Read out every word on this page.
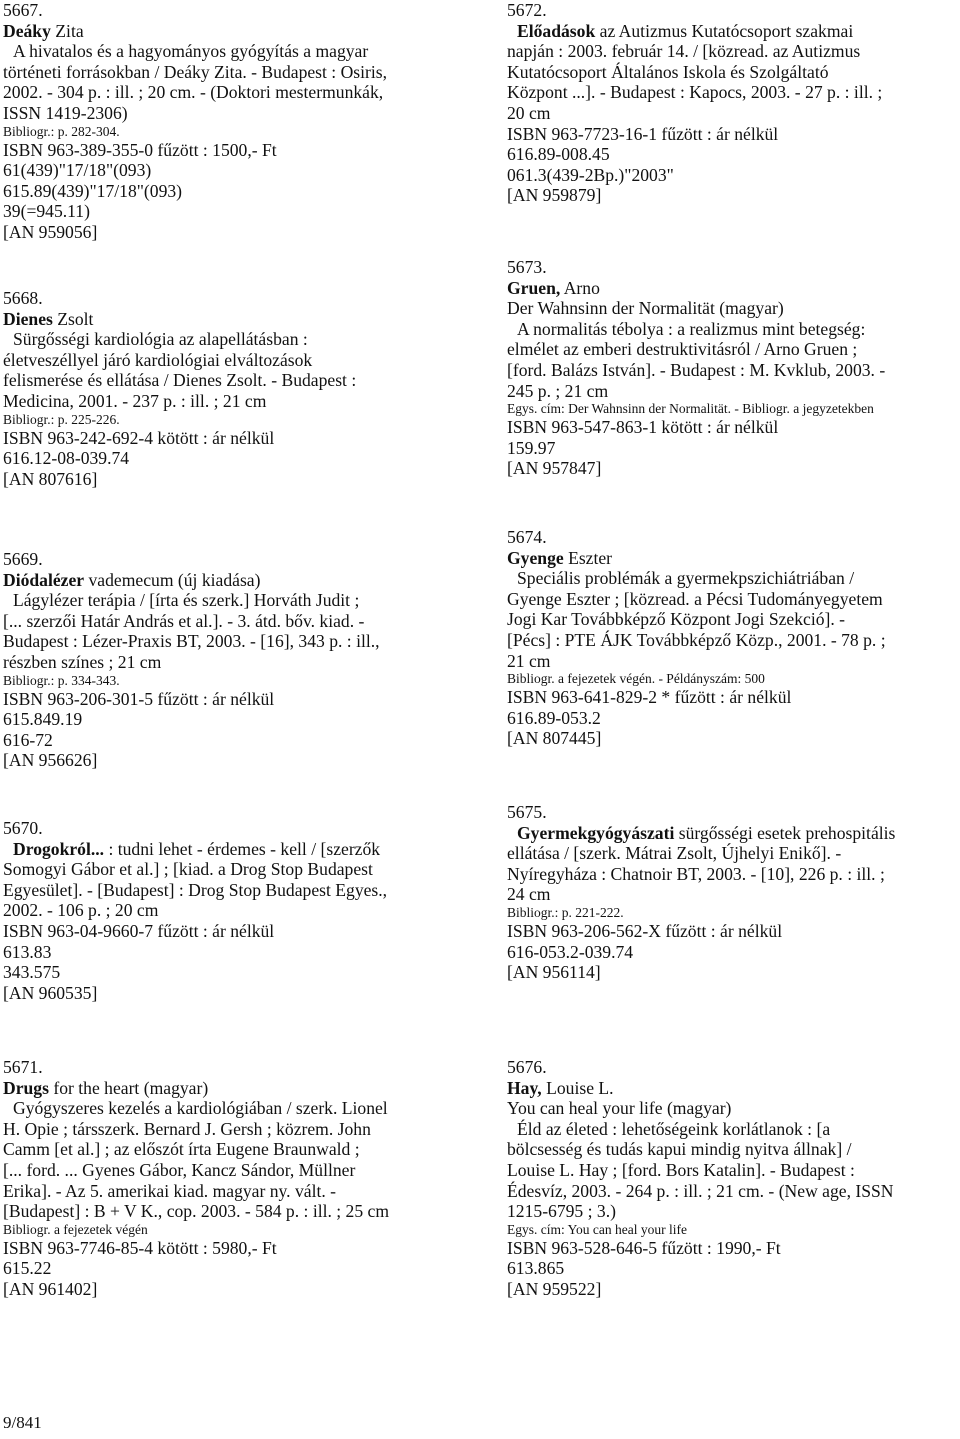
5667.
Deáky Zita
A hivatalos és a hagyományos gyógyítás a magyar
történeti forrásokban / Deáky Zita. - Budapest : Osiris,
2002. - 304 p. : ill. ; 20 cm. - (Doktori mestermunkák,
ISSN 1419-2306)
Bibliogr.: p. 282-304.
ISBN 963-389-355-0 fűzött : 1500,- Ft
61(439)"17/18"(093)
615.89(439)"17/18"(093)
39(=945.11)
[AN 959056]
5668.
Dienes Zsolt
Sürgősségi kardiológia az alapellátásban :
életveszéllyel járó kardiológiai elváltozások
felismerése és ellátása / Dienes Zsolt. - Budapest :
Medicina, 2001. - 237 p. : ill. ; 21 cm
Bibliogr.: p. 225-226.
ISBN 963-242-692-4 kötött : ár nélkül
616.12-08-039.74
[AN 807616]
5669.
Diódalézer vademecum (új kiadása)
Lágylézer terápia / [írta és szerk.] Horváth Judit ;
[... szerzői Határ András et al.]. - 3. átd. bőv. kiad. -
Budapest : Lézer-Praxis BT, 2003. - [16], 343 p. : ill.,
részben színes ; 21 cm
Bibliogr.: p. 334-343.
ISBN 963-206-301-5 fűzött : ár nélkül
615.849.19
616-72
[AN 956626]
5670.
Drogokról... : tudni lehet - érdemes - kell / [szerzők
Somogyi Gábor et al.] ; [kiad. a Drog Stop Budapest
Egyesület]. - [Budapest] : Drog Stop Budapest Egyes.,
2002. - 106 p. ; 20 cm
ISBN 963-04-9660-7 fűzött : ár nélkül
613.83
343.575
[AN 960535]
5671.
Drugs for the heart (magyar)
Gyógyszeres kezelés a kardiológiában / szerk. Lionel
H. Opie ; társszerk. Bernard J. Gersh ; közrem. John
Camm [et al.] ; az előszót írta Eugene Braunwald ;
[... ford. ... Gyenes Gábor, Kancz Sándor, Müllner
Erika]. - Az 5. amerikai kiad. magyar ny. vált. -
[Budapest] : B + V K., cop. 2003. - 584 p. : ill. ; 25 cm
Bibliogr. a fejezetek végén
ISBN 963-7746-85-4 kötött : 5980,- Ft
615.22
[AN 961402]
5672.
Előadások az Autizmus Kutatócsoport szakmai
napján : 2003. február 14. / [közread. az Autizmus
Kutatócsoport Általános Iskola és Szolgáltató
Központ ...]. - Budapest : Kapocs, 2003. - 27 p. : ill. ;
20 cm
ISBN 963-7723-16-1 fűzött : ár nélkül
616.89-008.45
061.3(439-2Bp.)"2003"
[AN 959879]
5673.
Gruen, Arno
Der Wahnsinn der Normalität (magyar)
A normalitás tébolya : a realizmus mint betegség:
elmélet az emberi destruktivitásról / Arno Gruen ;
[ford. Balázs István]. - Budapest : M. Kvklub, 2003. -
245 p. ; 21 cm
Egys. cím: Der Wahnsinn der Normalität. - Bibliogr. a jegyzetekben
ISBN 963-547-863-1 kötött : ár nélkül
159.97
[AN 957847]
5674.
Gyenge Eszter
Speciális problémák a gyermekpszichiátriában /
Gyenge Eszter ; [közread. a Pécsi Tudományegyetem
Jogi Kar Továbbképző Központ Jogi Szekció]. -
[Pécs] : PTE ÁJK Továbbképző Közp., 2001. - 78 p. ;
21 cm
Bibliogr. a fejezetek végén. - Példányszám: 500
ISBN 963-641-829-2 * fűzött : ár nélkül
616.89-053.2
[AN 807445]
5675.
Gyermekgyógyászati sürgősségi esetek prehospitális
ellátása / [szerk. Mátrai Zsolt, Újhelyi Enikő]. -
Nyíregyháza : Chatnoir BT, 2003. - [10], 226 p. : ill. ;
24 cm
Bibliogr.: p. 221-222.
ISBN 963-206-562-X fűzött : ár nélkül
616-053.2-039.74
[AN 956114]
5676.
Hay, Louise L.
You can heal your life (magyar)
Éld az életed : lehetőségeink korlátlanok : [a
bölcsesség és tudás kapui mindig nyitva állnak] /
Louise L. Hay ; [ford. Bors Katalin]. - Budapest :
Édesvíz, 2003. - 264 p. : ill. ; 21 cm. - (New age, ISSN
1215-6795 ; 3.)
Egys. cím: You can heal your life
ISBN 963-528-646-5 fűzött : 1990,- Ft
613.865
[AN 959522]
9/841
